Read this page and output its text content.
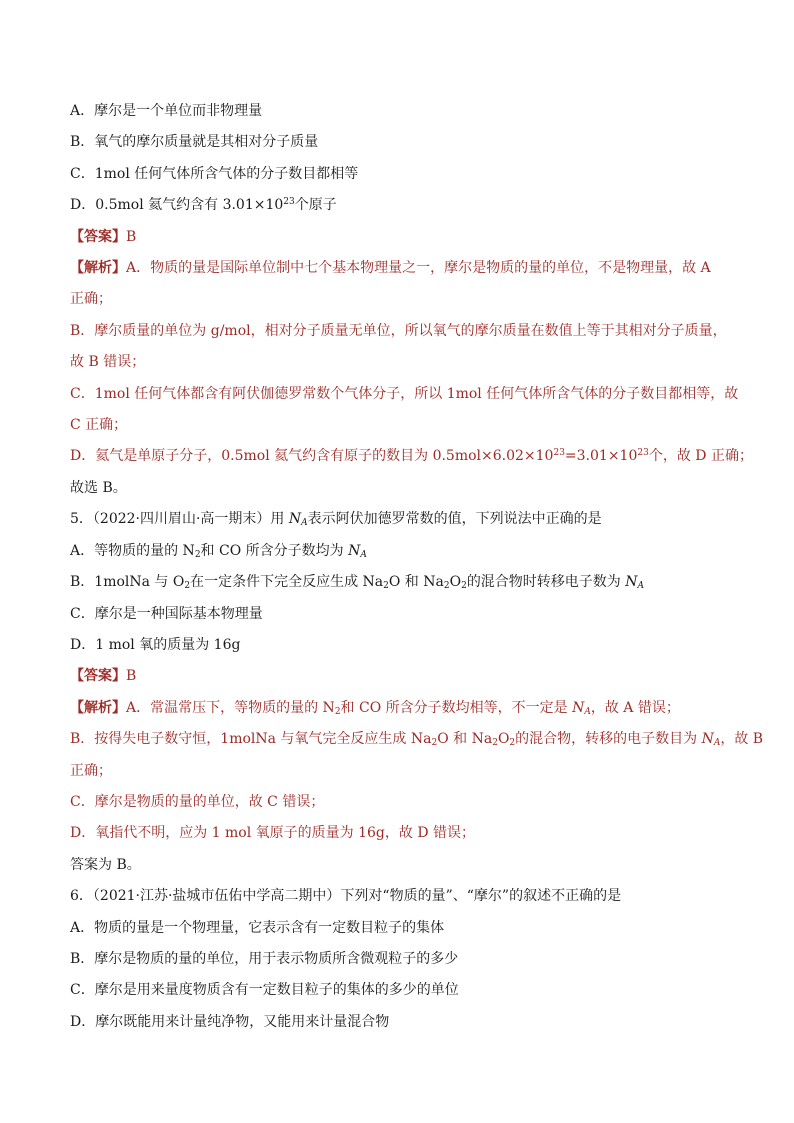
A．摩尔是一个单位而非物理量
B．氧气的摩尔质量就是其相对分子质量
C．1mol 任何气体所含气体的分子数目都相等
D．0.5mol 氦气约含有 $3.01\times 10^{23}$个原子
【答案】B
【解析】A．物质的量是国际单位制中七个基本物理量之一，摩尔是物质的量的单位，不是物理量，故 A
正确；
B．摩尔质量的单位为 g/mol，相对分子质量无单位，所以氧气的摩尔质量在数值上等于其相对分子质量，
故 B 错误；
C．1mol 任何气体都含有阿伏伽德罗常数个气体分子，所以 1mol 任何气体所含气体的分子数目都相等，故
C 正确；
D．氦气是单原子分子，0.5mol 氦气约含有原子的数目为 $0.5mol\times 6.02\times 10^{23}=3.01\times 10^{23}$个，故 D 正确；
故选 B。
5．（2022·四川眉山·高一期末）用 $N_A$表示阿伏加德罗常数的值，下列说法中正确的是
A．等物质的量的 $N_2$和 CO 所含分子数均为 $N_A$
B．1molNa 与 $O_2$在一定条件下完全反应生成 $Na_2O$ 和 $Na_2O_2$的混合物时转移电子数为 $N_A$
C．摩尔是一种国际基本物理量
D．1 mol 氧的质量为 16g
【答案】B
【解析】A．常温常压下，等物质的量的 $N_2$和 CO 所含分子数均相等，不一定是 $N_A$，故 A 错误；
B．按得失电子数守恒，1molNa 与氧气完全反应生成 $Na_2O$ 和 $Na_2O_2$的混合物，转移的电子数目为 $N_A$，故 B
正确；
C．摩尔是物质的量的单位，故 C 错误；
D．氧指代不明，应为 1 mol 氧原子的质量为 16g，故 D 错误；
答案为 B。
6．（2021·江苏·盐城市伍佑中学高二期中）下列对“物质的量”、“摩尔”的叙述不正确的是
A．物质的量是一个物理量，它表示含有一定数目粒子的集体
B．摩尔是物质的量的单位，用于表示物质所含微观粒子的多少
C．摩尔是用来量度物质含有一定数目粒子的集体的多少的单位
D．摩尔既能用来计量纯净物，又能用来计量混合物
